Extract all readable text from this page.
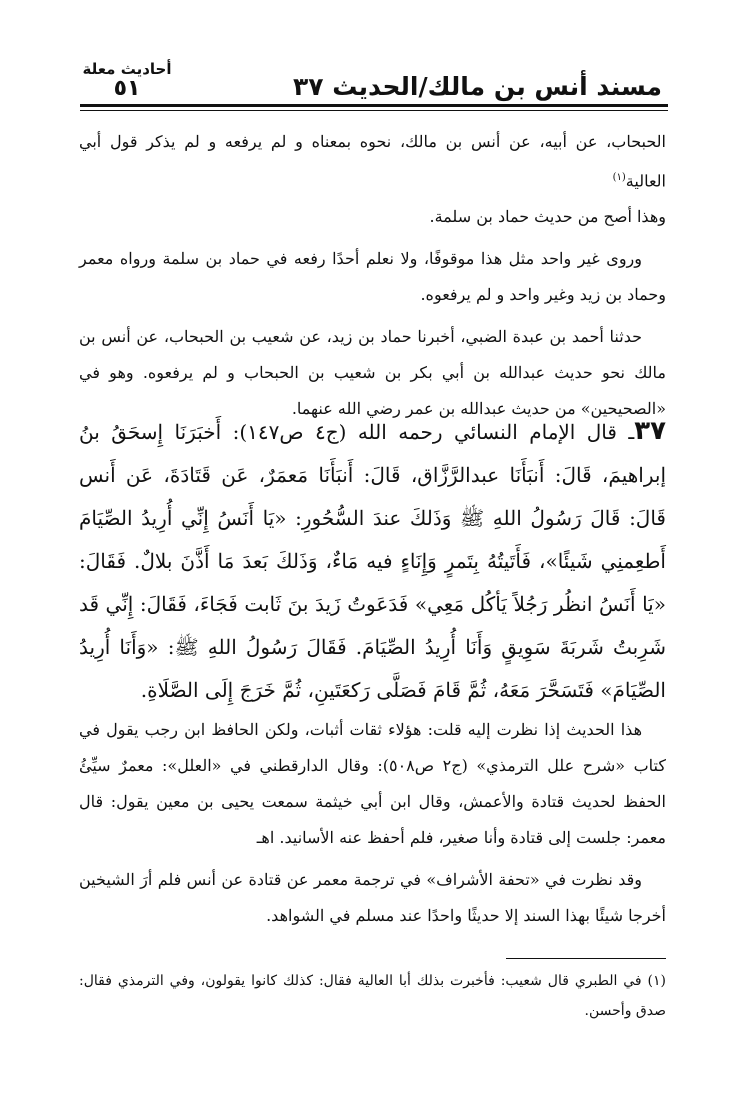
مسند أنس بن مالك/الحديث ٣٧
أحاديث معلة
٥١

الحبحاب، عن أبيه، عن أنس بن مالك، نحوه بمعناه و لم يرفعه و لم يذكر قول أبي العالية$^{(١)}$

وهذا أصح من حديث حماد بن سلمة.

وروى غير واحد مثل هذا موقوفًا، ولا نعلم أحدًا رفعه في حماد بن سلمة ورواه معمر وحماد بن زيد وغير واحد و لم يرفعوه.

حدثنا أحمد بن عبدة الضبي، أخبرنا حماد بن زيد، عن شعيب بن الحبحاب، عن أنس بن مالك نحو حديث عبدالله بن أبي بكر بن شعيب بن الحبحاب و لم يرفعوه. وهو في «الصحيحين» من حديث عبدالله بن عمر رضي الله عنهما.

٣٧ـ قال الإمام النسائي رحمه الله (ج٤ ص١٤٧): أَخبَرَنَا إِسحَقُ بنُ إبراهيمَ، قَالَ: أَنبَأَنَا عبدالرَّزَّاق، قَالَ: أَنبَأَنَا مَعمَرٌ، عَن قَتَادَةَ، عَن أَنس قَالَ: قَالَ رَسُولُ اللهِ ﷺ وَذَلكَ عندَ السُّحُورِ: «يَا أَنَسُ إِنِّي أُرِيدُ الصِّيَامَ أَطعِمنِي شَيئًا»، فَأَتَيتُهُ بِتَمرٍ وَإِنَاءٍ فيه مَاءٌ، وَذَلكَ بَعدَ مَا أَذَّنَ بلالٌ. فَقَالَ: «يَا أَنَسُ انظُر رَجُلاً يَأكُل مَعِي» فَدَعَوتُ زَيدَ بنَ ثَابت فَجَاءَ، فَقَالَ: إِنِّي قَد شَرِبتُ شَربَةَ سَوِيقٍ وَأَنَا أُرِيدُ الصِّيَامَ. فَقَالَ رَسُولُ اللهِ ﷺ: «وَأَنَا أُرِيدُ الصِّيَامَ» فَتَسَحَّرَ مَعَهُ، ثُمَّ قَامَ فَصَلَّى رَكعَتَينِ، ثُمَّ خَرَجَ إِلَى الصَّلَاةِ.

هذا الحديث إذا نظرت إليه قلت: هؤلاء ثقات أثبات، ولكن الحافظ ابن رجب يقول في كتاب «شرح علل الترمذي» (ج٢ ص٥٠٨): وقال الدارقطني في «العلل»: معمرٌ سيِّئُ الحفظ لحديث قتادة والأعمش، وقال ابن أبي خيثمة سمعت يحيى بن معين يقول: قال معمر: جلست إلى قتادة وأنا صغير، فلم أحفظ عنه الأسانيد. اهـ

وقد نظرت في «تحفة الأشراف» في ترجمة معمر عن قتادة عن أنس فلم أرَ الشيخين أخرجا شيئًا بهذا السند إلا حديثًا واحدًا عند مسلم في الشواهد.

(١) في الطبري قال شعيب: فأخبرت بذلك أبا العالية فقال: كذلك كانوا يقولون، وفي الترمذي فقال: صدق وأحسن.
